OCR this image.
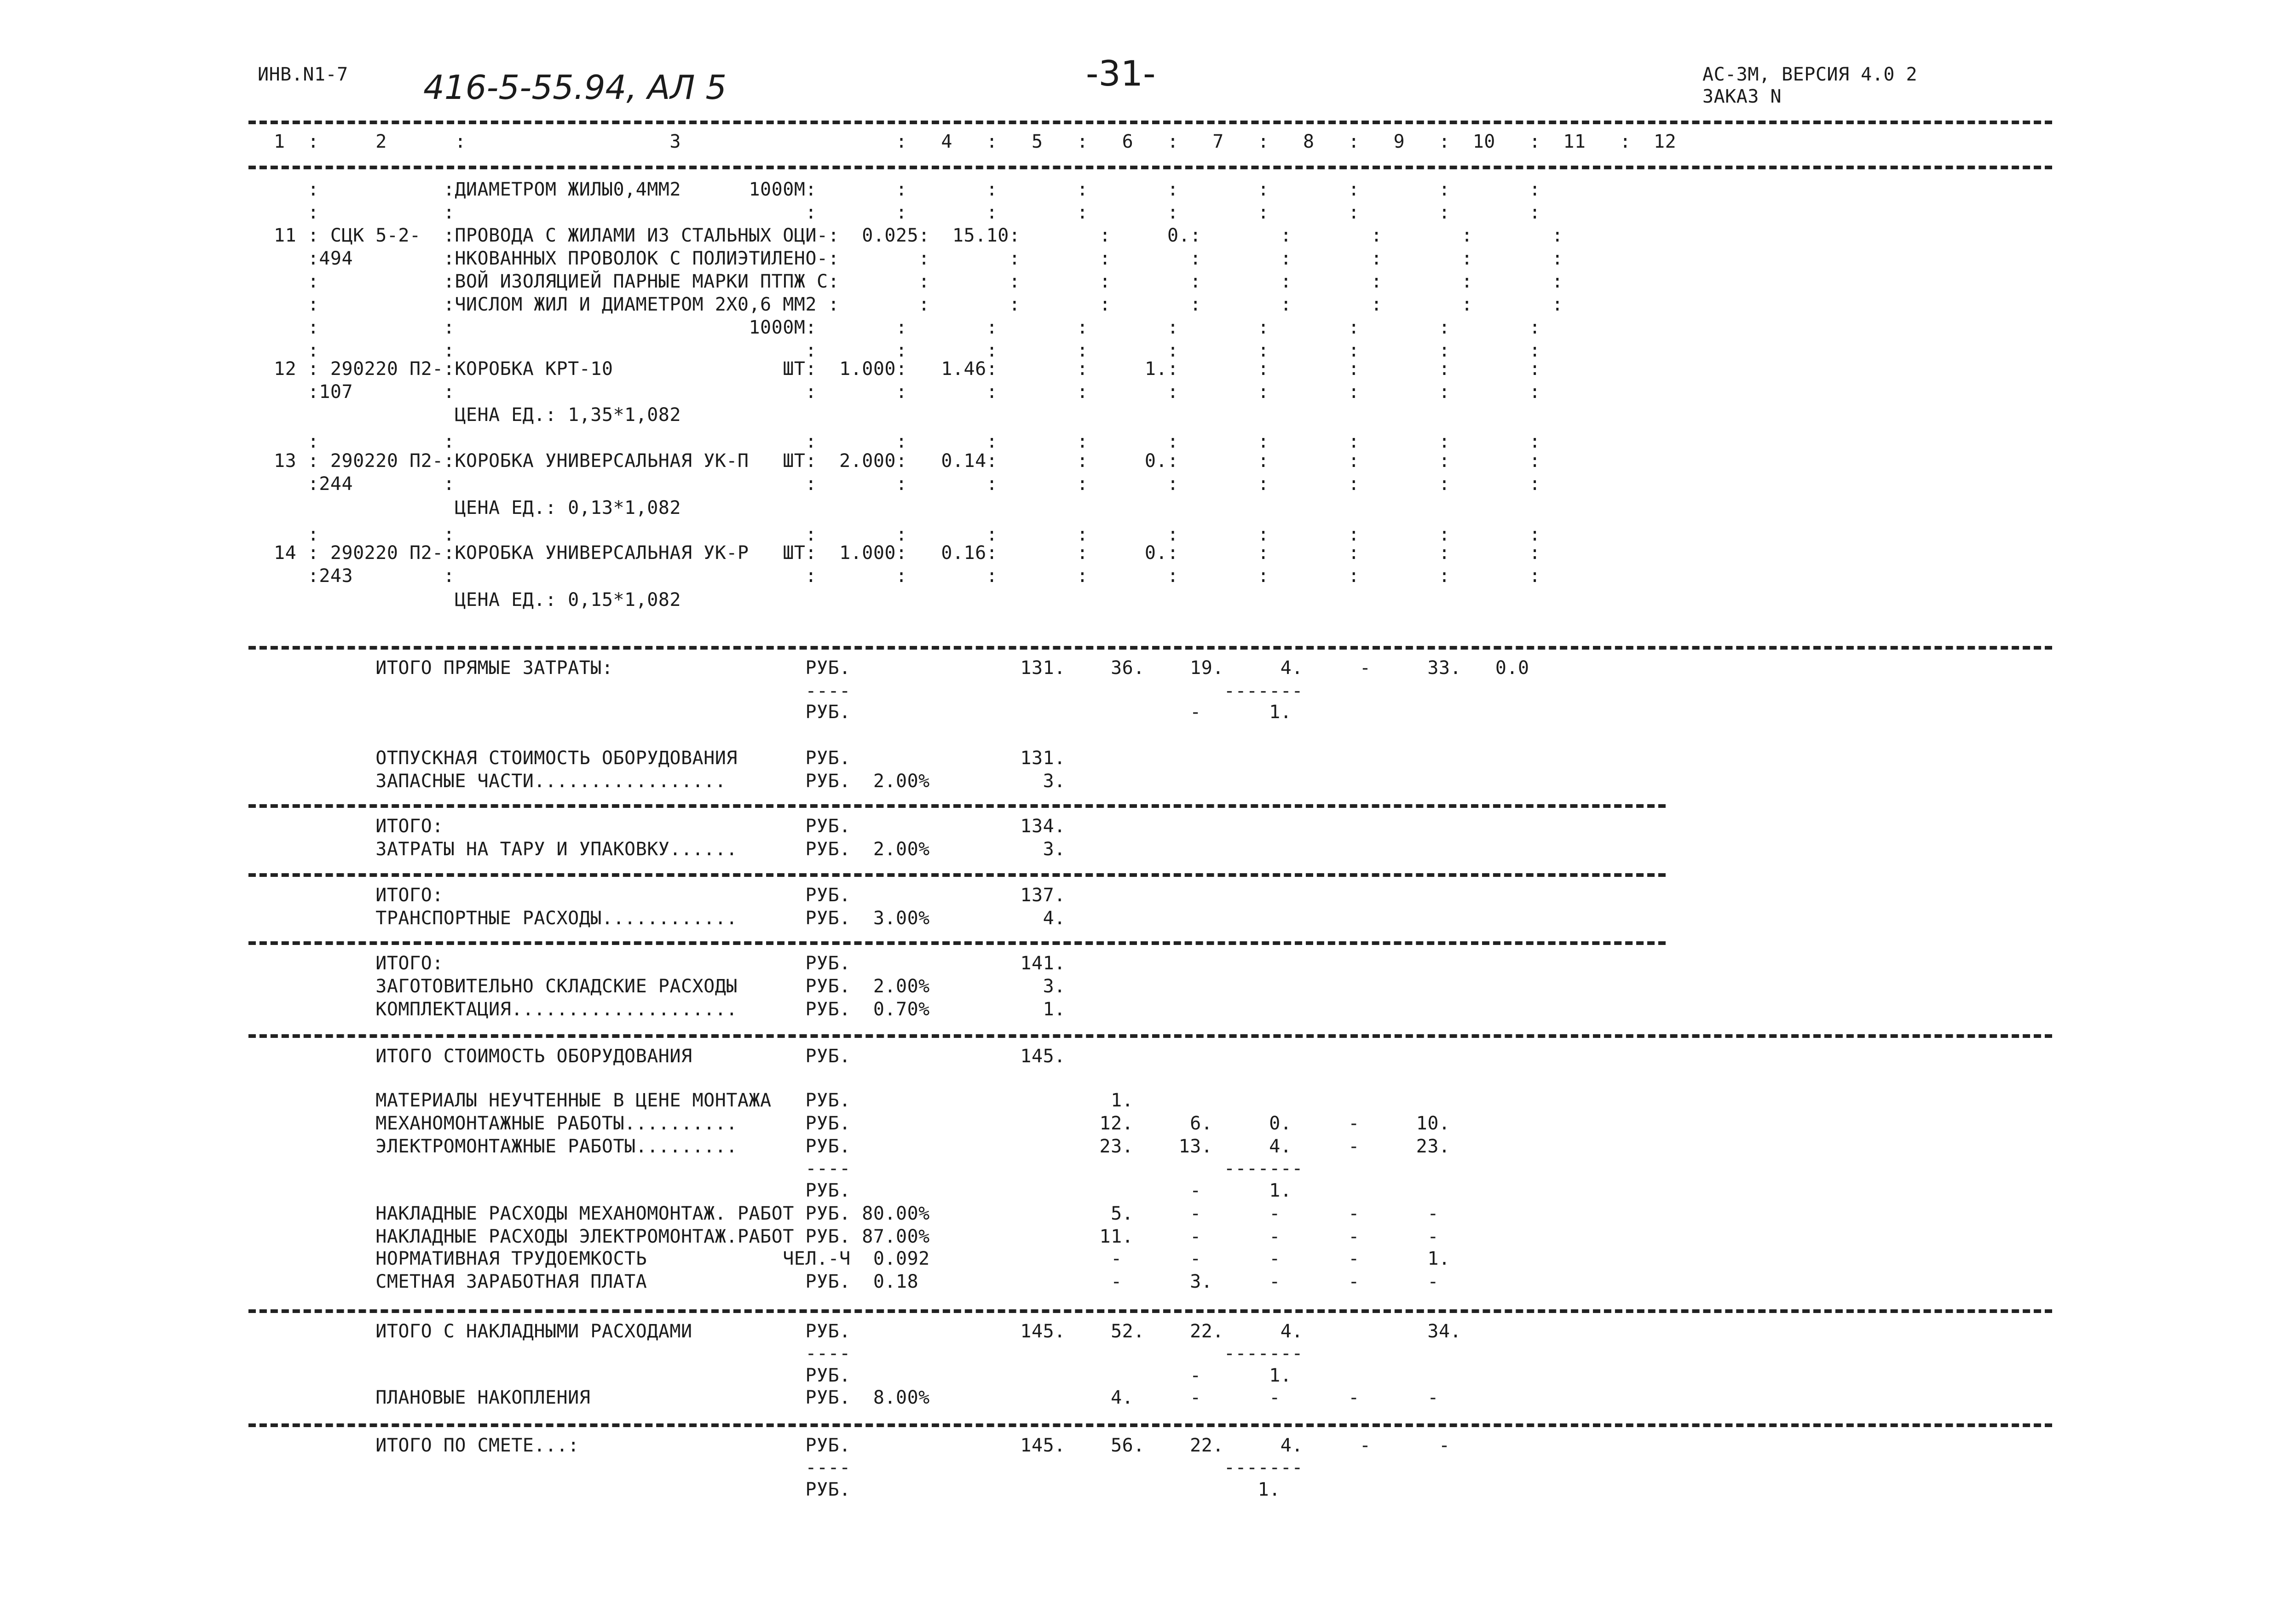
ИНВ.N1-7 416-5-55.94, АЛ 5	-31-	АС-3М, ВЕРСИЯ 4.0 2
ЗАКАЗ N
1  :     2      :                  3                   :   4   :   5   :   6   :   7   :   8   :   9   :  10   :  11   :  12
:           :ДИАМЕТРОМ ЖИЛЫ0,4ММ2      1000М:       :       :       :       :       :       :       :       :
:           :                               :       :       :       :       :       :       :       :       :
11 : СЦК 5-2-  :ПРОВОДА С ЖИЛАМИ ИЗ СТАЛЬНЫХ ОЦИ-:  0.025:  15.10:       :     0.:       :       :       :       :
:494        :НКОВАННЫХ ПРОВОЛОК С ПОЛИЭТИЛЕНО-:       :       :       :       :       :       :       :       :
:           :ВОЙ ИЗОЛЯЦИЕЙ ПАРНЫЕ МАРКИ ПТПЖ С:       :       :       :       :       :       :       :       :
:           :ЧИСЛОМ ЖИЛ И ДИАМЕТРОМ 2Х0,6 ММ2 :       :       :       :       :       :       :       :       :
:           :                          1000М:       :       :       :       :       :       :       :       :
:           :                               :       :       :       :       :       :       :       :       :
12 : 290220 П2-:КОРОБКА КРТ-10               ШТ:  1.000:   1.46:       :     1.:       :       :       :       :
:107        :                               :       :       :       :       :       :       :       :       :
ЦЕНА ЕД.: 1,35*1,082
:           :                               :       :       :       :       :       :       :       :       :
13 : 290220 П2-:КОРОБКА УНИВЕРСАЛЬНАЯ УК-П   ШТ:  2.000:   0.14:       :     0.:       :       :       :       :
:244        :                               :       :       :       :       :       :       :       :       :
ЦЕНА ЕД.: 0,13*1,082
:           :                               :       :       :       :       :       :       :       :       :
14 : 290220 П2-:КОРОБКА УНИВЕРСАЛЬНАЯ УК-Р   ШТ:  1.000:   0.16:       :     0.:       :       :       :       :
:243        :                               :       :       :       :       :       :       :       :       :
ЦЕНА ЕД.: 0,15*1,082
ИТОГО ПРЯМЫЕ ЗАТРАТЫ:                 РУБ.               131.    36.    19.     4.     -     33.   0.0
----                                 -------
РУБ.                              -      1.
ОТПУСКНАЯ СТОИМОСТЬ ОБОРУДОВАНИЯ      РУБ.               131.
ЗАПАСНЫЕ ЧАСТИ.................       РУБ.  2.00%          3.
ИТОГО:                                РУБ.               134.
ЗАТРАТЫ НА ТАРУ И УПАКОВКУ......      РУБ.  2.00%          3.
ИТОГО:                                РУБ.               137.
ТРАНСПОРТНЫЕ РАСХОДЫ............      РУБ.  3.00%          4.
ИТОГО:                                РУБ.               141.
ЗАГОТОВИТЕЛЬНО СКЛАДСКИЕ РАСХОДЫ      РУБ.  2.00%          3.
КОМПЛЕКТАЦИЯ....................      РУБ.  0.70%          1.
ИТОГО СТОИМОСТЬ ОБОРУДОВАНИЯ          РУБ.               145.
МАТЕРИАЛЫ НЕУЧТЕННЫЕ В ЦЕНЕ МОНТАЖА   РУБ.                       1.
МЕХАНОМОНТАЖНЫЕ РАБОТЫ..........      РУБ.                      12.     6.     0.     -     10.
ЭЛЕКТРОМОНТАЖНЫЕ РАБОТЫ.........      РУБ.                      23.    13.     4.     -     23.
----                                 -------
РУБ.                              -      1.
НАКЛАДНЫЕ РАСХОДЫ МЕХАНОМОНТАЖ. РАБОТ РУБ. 80.00%                5.     -      -      -      -
НАКЛАДНЫЕ РАСХОДЫ ЭЛЕКТРОМОНТАЖ.РАБОТ РУБ. 87.00%               11.     -      -      -      -
НОРМАТИВНАЯ ТРУДОЕМКОСТЬ            ЧЕЛ.-Ч  0.092                -      -      -      -      1.
СМЕТНАЯ ЗАРАБОТНАЯ ПЛАТА              РУБ.  0.18                 -      3.     -      -      -
ИТОГО С НАКЛАДНЫМИ РАСХОДАМИ          РУБ.               145.    52.    22.     4.           34.
----                                 -------
РУБ.                              -      1.
ПЛАНОВЫЕ НАКОПЛЕНИЯ                   РУБ.  8.00%                4.     -      -      -      -
ИТОГО ПО СМЕТЕ...:                    РУБ.               145.    56.    22.     4.     -      -
----                                 -------
РУБ.                                    1.
